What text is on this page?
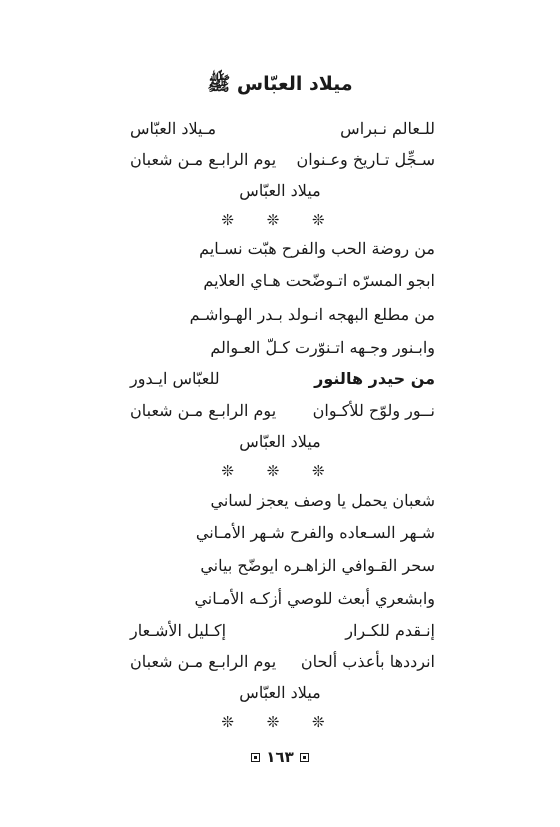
ميلاد العبّاس ﷺ
للـعالم نـبراس
مـيلاد العبّاس
سـجِّل تـاريخ وعـنوان
يوم الرابـع مـن شعبان
ميلاد العبّاس
❊ ❊ ❊
من روضة الحب والفرح هبّت نسـايم
ابجو المسرّه اتـوضّحت هـاي العلايم
من مطلع البهجه انـولد بـدر الهـواشـم
وابـنور وجـهه اتـنوّرت كـلّ العـوالم
من حيدر هالنور
للعبّاس ايـدور
نــور ولوّح للأكـوان
يوم الرابـع مـن شعبان
ميلاد العبّاس
❊ ❊ ❊
شعبان يحمل يا وصف يعجز لساني
شـهر السـعاده والفرح شـهر الأمـاني
سحر القـوافي الزاهـره ايوضّح بياني
وابشعري أبعث للوصي أزكـه الأمـاني
إنـقدم للكـرار
إكـليل الأشـعار
انرددها بأعذب ألحان
يوم الرابـع مـن شعبان
ميلاد العبّاس
❊ ❊ ❊
١٦٣
